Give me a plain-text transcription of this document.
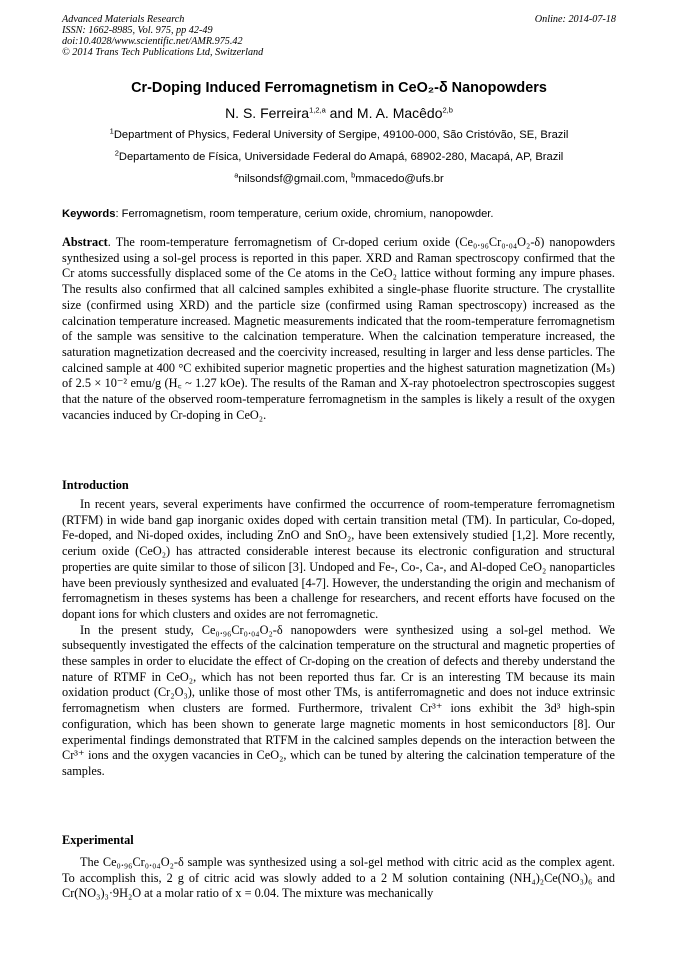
Advanced Materials Research
ISSN: 1662-8985, Vol. 975, pp 42-49
doi:10.4028/www.scientific.net/AMR.975.42
© 2014 Trans Tech Publications Ltd, Switzerland
Online: 2014-07-18
Cr-Doping Induced Ferromagnetism in CeO₂-δ Nanopowders
N. S. Ferreira$^{1,2,a}$ and M. A. Macêdo$^{2,b}$
$^1$Department of Physics, Federal University of Sergipe, 49100-000, São Cristóvão, SE, Brazil
$^2$Departamento de Física, Universidade Federal do Amapá, 68902-280, Macapá, AP, Brazil
$^a$nilsondsf@gmail.com, $^b$mmacedo@ufs.br
Keywords: Ferromagnetism, room temperature, cerium oxide, chromium, nanopowder.

Abstract. The room-temperature ferromagnetism of Cr-doped cerium oxide (Ce₀.₉₆Cr₀.₀₄O₂-δ) nanopowders synthesized using a sol-gel process is reported in this paper. XRD and Raman spectroscopy confirmed that the Cr atoms successfully displaced some of the Ce atoms in the CeO₂ lattice without forming any impure phases. The results also confirmed that all calcined samples exhibited a single-phase fluorite structure. The crystallite size (confirmed using XRD) and the particle size (confirmed using Raman spectroscopy) increased as the calcination temperature increased. Magnetic measurements indicated that the room-temperature ferromagnetism of the sample was sensitive to the calcination temperature. When the calcination temperature increased, the saturation magnetization decreased and the coercivity increased, resulting in larger and less dense particles. The calcined sample at 400 °C exhibited superior magnetic properties and the highest saturation magnetization (Mₛ) of 2.5 × 10⁻² emu/g (H꜀ ~ 1.27 kOe). The results of the Raman and X-ray photoelectron spectroscopies suggest that the nature of the observed room-temperature ferromagnetism in the samples is likely a result of the oxygen vacancies induced by Cr-doping in CeO₂.

Introduction

In recent years, several experiments have confirmed the occurrence of room-temperature ferromagnetism (RTFM) in wide band gap inorganic oxides doped with certain transition metal (TM). In particular, Co-doped, Fe-doped, and Ni-doped oxides, including ZnO and SnO₂, have been extensively studied [1,2]. More recently, cerium oxide (CeO₂) has attracted considerable interest because its electronic configuration and structural properties are quite similar to those of silicon [3]. Undoped and Fe-, Co-, Ca-, and Al-doped CeO₂ nanoparticles have been previously synthesized and evaluated [4-7]. However, the understanding the origin and mechanism of ferromagnetism in theses systems has been a challenge for researchers, and recent efforts have focused on the dopant ions for which clusters and oxides are not ferromagnetic.

In the present study, Ce₀.₉₆Cr₀.₀₄O₂-δ nanopowders were synthesized using a sol-gel method. We subsequently investigated the effects of the calcination temperature on the structural and magnetic properties of these samples in order to elucidate the effect of Cr-doping on the creation of defects and thereby understand the nature of RTMF in CeO₂, which has not been reported thus far. Cr is an interesting TM because its main oxidation product (Cr₂O₃), unlike those of most other TMs, is antiferromagnetic and does not induce extrinsic ferromagnetism when clusters are formed. Furthermore, trivalent Cr³⁺ ions exhibit the 3d³ high-spin configuration, which has been shown to generate large magnetic moments in host semiconductors [8]. Our experimental findings demonstrated that RTFM in the calcined samples depends on the interaction between the Cr³⁺ ions and the oxygen vacancies in CeO₂, which can be tuned by altering the calcination temperature of the samples.

Experimental

The Ce₀.₉₆Cr₀.₀₄O₂-δ sample was synthesized using a sol-gel method with citric acid as the complex agent. To accomplish this, 2 g of citric acid was slowly added to a 2 M solution containing (NH₄)₂Ce(NO₃)₆ and Cr(NO₃)₃·9H₂O at a molar ratio of x = 0.04. The mixture was mechanically
